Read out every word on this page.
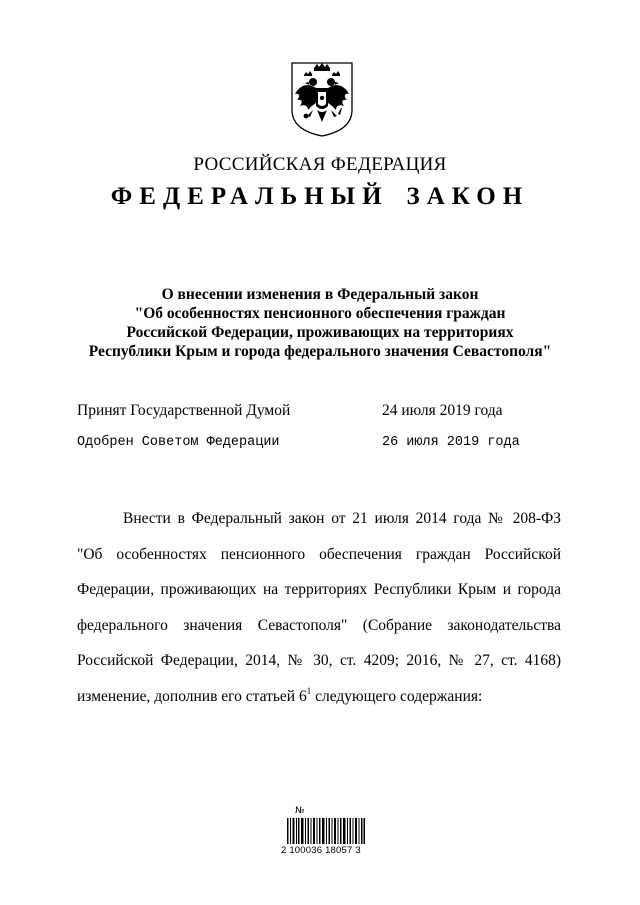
РОССИЙСКАЯ ФЕДЕРАЦИЯ
ФЕДЕРАЛЬНЫЙ ЗАКОН
О внесении изменения в Федеральный закон
"Об особенностях пенсионного обеспечения граждан
Российской Федерации, проживающих на территориях
Республики Крым и города федерального значения Севастополя"
Принят Государственной Думой	24 июля 2019 года
Одобрен Советом Федерации	26 июля 2019 года
Внести в Федеральный закон от 21 июля 2014 года № 208-ФЗ
"Об особенностях пенсионного обеспечения граждан Российской
Федерации, проживающих на территориях Республики Крым и города
федерального значения Севастополя" (Собрание законодательства
Российской Федерации, 2014, № 30, ст. 4209; 2016, № 27, ст. 4168)
изменение, дополнив его статьей $6^1$ следующего содержания:
№
2 100036 18057 3
